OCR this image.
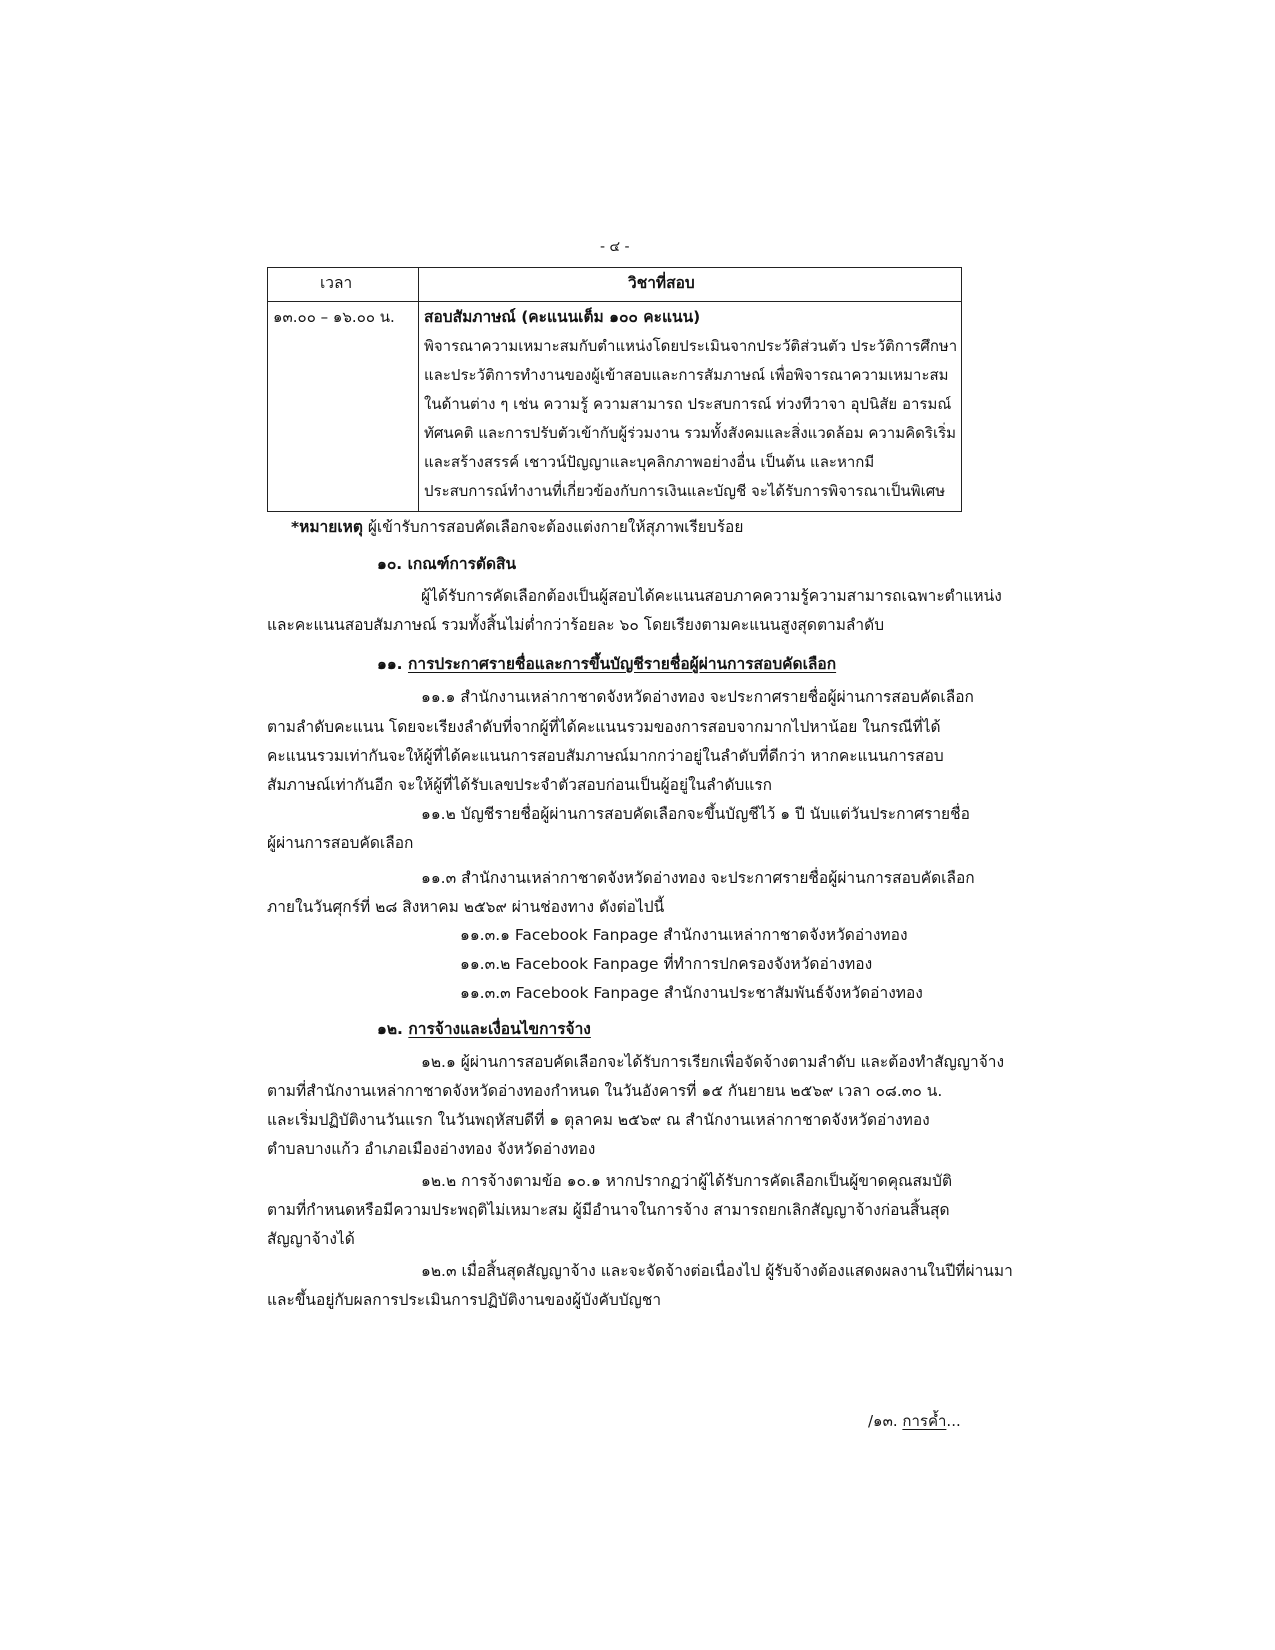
- ๔ -
เวลา	วิชาที่สอบ
๑๓.๐๐ – ๑๖.๐๐ น. สอบสัมภาษณ์ (คะแนนเต็ม ๑๐๐ คะแนน)
พิจารณาความเหมาะสมกับตำแหน่งโดยประเมินจากประวัติส่วนตัว ประวัติการศึกษา
และประวัติการทำงานของผู้เข้าสอบและการสัมภาษณ์ เพื่อพิจารณาความเหมาะสม
ในด้านต่าง ๆ เช่น ความรู้ ความสามารถ ประสบการณ์ ท่วงทีวาจา อุปนิสัย อารมณ์
ทัศนคติ และการปรับตัวเข้ากับผู้ร่วมงาน รวมทั้งสังคมและสิ่งแวดล้อม ความคิดริเริ่ม
และสร้างสรรค์ เชาวน์ปัญญาและบุคลิกภาพอย่างอื่น เป็นต้น และหากมี
ประสบการณ์ทำงานที่เกี่ยวข้องกับการเงินและบัญชี จะได้รับการพิจารณาเป็นพิเศษ
*หมายเหตุ ผู้เข้ารับการสอบคัดเลือกจะต้องแต่งกายให้สุภาพเรียบร้อย
๑๐. เกณฑ์การตัดสิน
ผู้ได้รับการคัดเลือกต้องเป็นผู้สอบได้คะแนนสอบภาคความรู้ความสามารถเฉพาะตำแหน่ง
และคะแนนสอบสัมภาษณ์ รวมทั้งสิ้นไม่ต่ำกว่าร้อยละ ๖๐ โดยเรียงตามคะแนนสูงสุดตามลำดับ
๑๑. การประกาศรายชื่อและการขึ้นบัญชีรายชื่อผู้ผ่านการสอบคัดเลือก
๑๑.๑ สำนักงานเหล่ากาชาดจังหวัดอ่างทอง จะประกาศรายชื่อผู้ผ่านการสอบคัดเลือก
ตามลำดับคะแนน โดยจะเรียงลำดับที่จากผู้ที่ได้คะแนนรวมของการสอบจากมากไปหาน้อย ในกรณีที่ได้
คะแนนรวมเท่ากันจะให้ผู้ที่ได้คะแนนการสอบสัมภาษณ์มากกว่าอยู่ในลำดับที่ดีกว่า หากคะแนนการสอบ
สัมภาษณ์เท่ากันอีก จะให้ผู้ที่ได้รับเลขประจำตัวสอบก่อนเป็นผู้อยู่ในลำดับแรก
๑๑.๒ บัญชีรายชื่อผู้ผ่านการสอบคัดเลือกจะขึ้นบัญชีไว้ ๑ ปี นับแต่วันประกาศรายชื่อ
ผู้ผ่านการสอบคัดเลือก
๑๑.๓ สำนักงานเหล่ากาชาดจังหวัดอ่างทอง จะประกาศรายชื่อผู้ผ่านการสอบคัดเลือก
ภายในวันศุกร์ที่ ๒๘ สิงหาคม ๒๕๖๙ ผ่านช่องทาง ดังต่อไปนี้
๑๑.๓.๑ Facebook Fanpage สำนักงานเหล่ากาชาดจังหวัดอ่างทอง
๑๑.๓.๒ Facebook Fanpage ที่ทำการปกครองจังหวัดอ่างทอง
๑๑.๓.๓ Facebook Fanpage สำนักงานประชาสัมพันธ์จังหวัดอ่างทอง
๑๒. การจ้างและเงื่อนไขการจ้าง
๑๒.๑ ผู้ผ่านการสอบคัดเลือกจะได้รับการเรียกเพื่อจัดจ้างตามลำดับ และต้องทำสัญญาจ้าง
ตามที่สำนักงานเหล่ากาชาดจังหวัดอ่างทองกำหนด ในวันอังคารที่ ๑๕ กันยายน ๒๕๖๙ เวลา ๐๘.๓๐ น.
และเริ่มปฏิบัติงานวันแรก ในวันพฤหัสบดีที่ ๑ ตุลาคม ๒๕๖๙ ณ สำนักงานเหล่ากาชาดจังหวัดอ่างทอง
ตำบลบางแก้ว อำเภอเมืองอ่างทอง จังหวัดอ่างทอง
๑๒.๒ การจ้างตามข้อ ๑๐.๑ หากปรากฏว่าผู้ได้รับการคัดเลือกเป็นผู้ขาดคุณสมบัติ
ตามที่กำหนดหรือมีความประพฤติไม่เหมาะสม ผู้มีอำนาจในการจ้าง สามารถยกเลิกสัญญาจ้างก่อนสิ้นสุด
สัญญาจ้างได้
๑๒.๓ เมื่อสิ้นสุดสัญญาจ้าง และจะจัดจ้างต่อเนื่องไป ผู้รับจ้างต้องแสดงผลงานในปีที่ผ่านมา
และขึ้นอยู่กับผลการประเมินการปฏิบัติงานของผู้บังคับบัญชา
/๑๓. การค้ำ...
